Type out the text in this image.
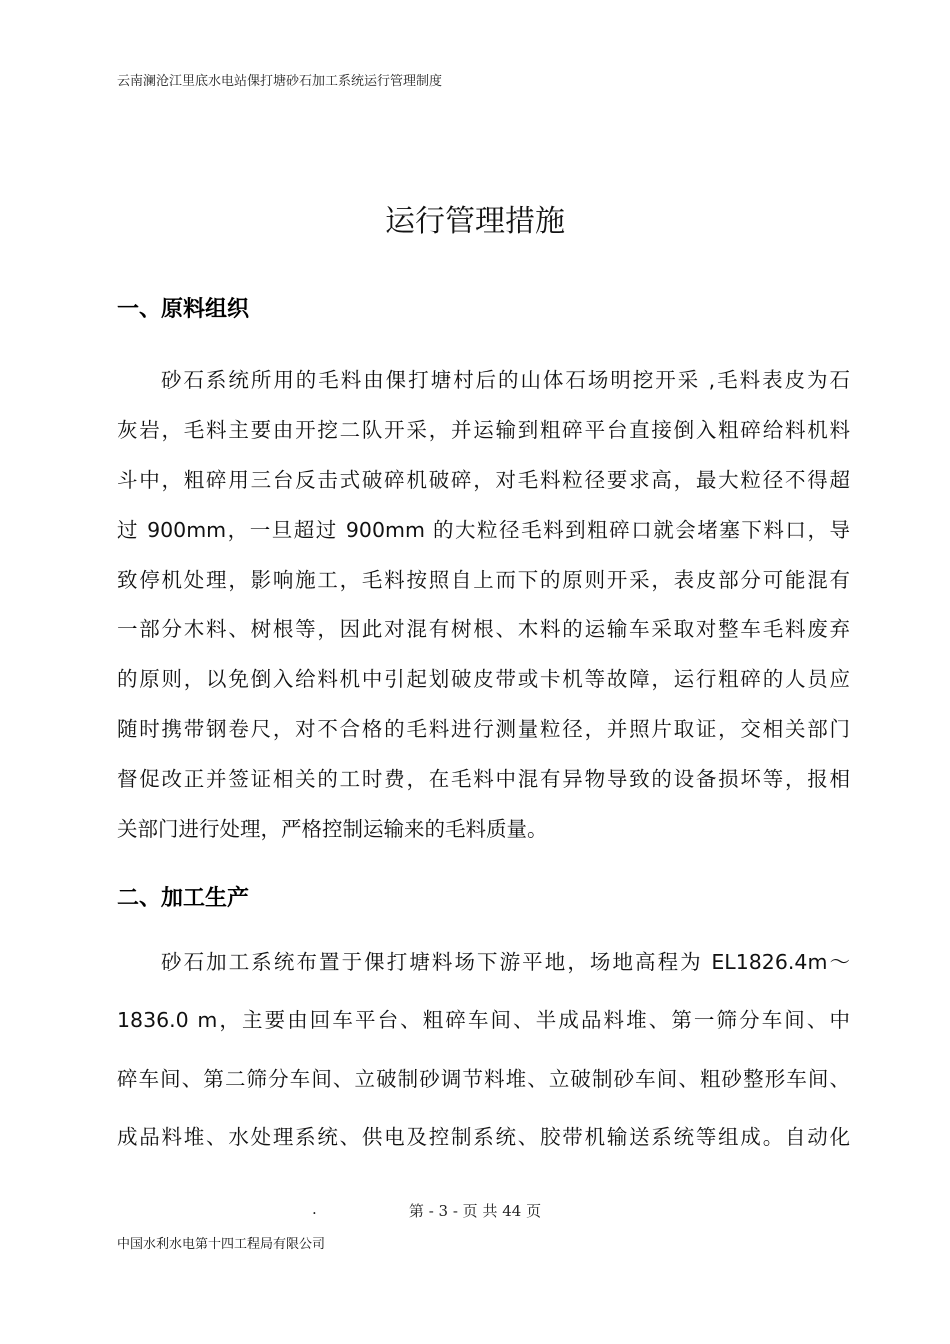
云南澜沧江里底水电站倮打塘砂石加工系统运行管理制度
运行管理措施
一、原料组织
砂石系统所用的毛料由倮打塘村后的山体石场明挖开采 ,毛料表皮为石
灰岩，毛料主要由开挖二队开采，并运输到粗碎平台直接倒入粗碎给料机料
斗中，粗碎用三台反击式破碎机破碎，对毛料粒径要求高，最大粒径不得超
过 900mm，一旦超过 900mm 的大粒径毛料到粗碎口就会堵塞下料口，导
致停机处理，影响施工，毛料按照自上而下的原则开采，表皮部分可能混有
一部分木料、树根等，因此对混有树根、木料的运输车采取对整车毛料废弃
的原则，以免倒入给料机中引起划破皮带或卡机等故障，运行粗碎的人员应
随时携带钢卷尺，对不合格的毛料进行测量粒径，并照片取证，交相关部门
督促改正并签证相关的工时费，在毛料中混有异物导致的设备损坏等，报相
关部门进行处理，严格控制运输来的毛料质量。
二、加工生产
砂石加工系统布置于倮打塘料场下游平地，场地高程为 EL1826.4m～
1836.0 m，主要由回车平台、粗碎车间、半成品料堆、第一筛分车间、中
碎车间、第二筛分车间、立破制砂调节料堆、立破制砂车间、粗砂整形车间、
成品料堆、水处理系统、供电及控制系统、胶带机输送系统等组成。自动化
.	第 - 3 - 页 共 44 页
中国水利水电第十四工程局有限公司
